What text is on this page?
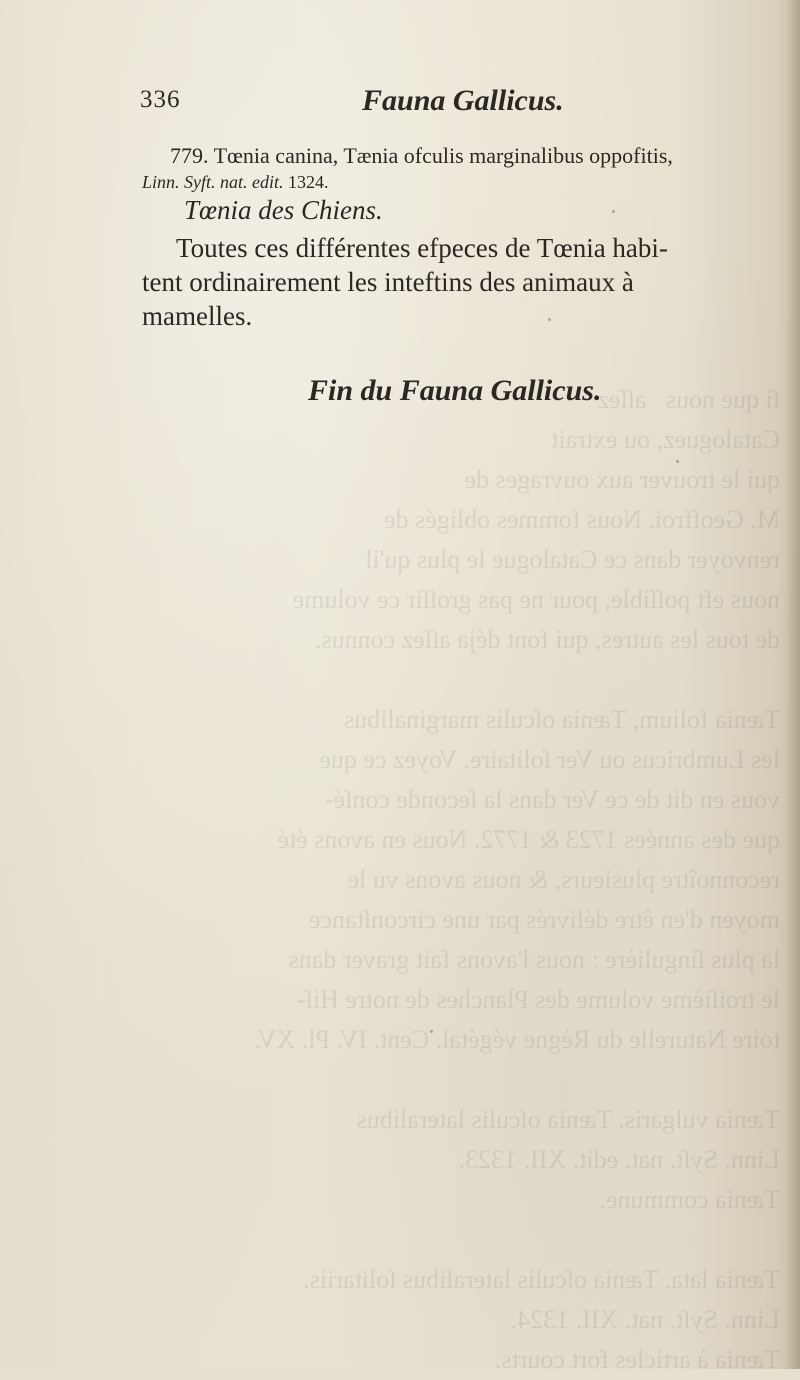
ſi que nous   aſſez
Cataloguez, ou extrait
qui le trouver aux ouvrages de
M. Geoffroi. Nous fommes obligés de
renvoyer dans ce Catalogue le plus qu'il
nous eft poſſible, pour ne pas groſſir ce volume
de tous les autres, qui font déja aſſez connus.

Tænia folium, Tænia oſculis marginalibus
les Lumbricus ou Ver ſolitaire. Voyez ce que
vous en dit de ce Ver dans la ſeconde conſé-
que des années 1723 & 1772. Nous en avons été
reconnoître plusieurs, & nous avons vu le
moyen d'en être délivrés par une circonſtance
la plus ſingulière : nous l'avons fait graver dans
le troiſième volume des Planches de notre Hiſ-
toire Naturelle du Règne végétal. Cent. IV. Pl. XV.

Tænia vulgaris. Tænia oſculis lateralibus
Linn. Syſt. nat. edit. XII. 1323.
Tænia commune.

Tænia lata. Tænia oſculis lateralibus ſolitariis.
Linn. Syſt. nat. XII. 1324.
Tænia à articles fort courts.
336	Fauna Gallicus.
779. Tœnia canina, Tænia ofculis marginalibus oppofitis,
Linn. Syft. nat. edit. 1324.
Tœnia des Chiens.
Toutes ces différentes efpeces de Tœnia habi-
tent ordinairement les inteftins des animaux à
mamelles.
Fin du Fauna Gallicus.
